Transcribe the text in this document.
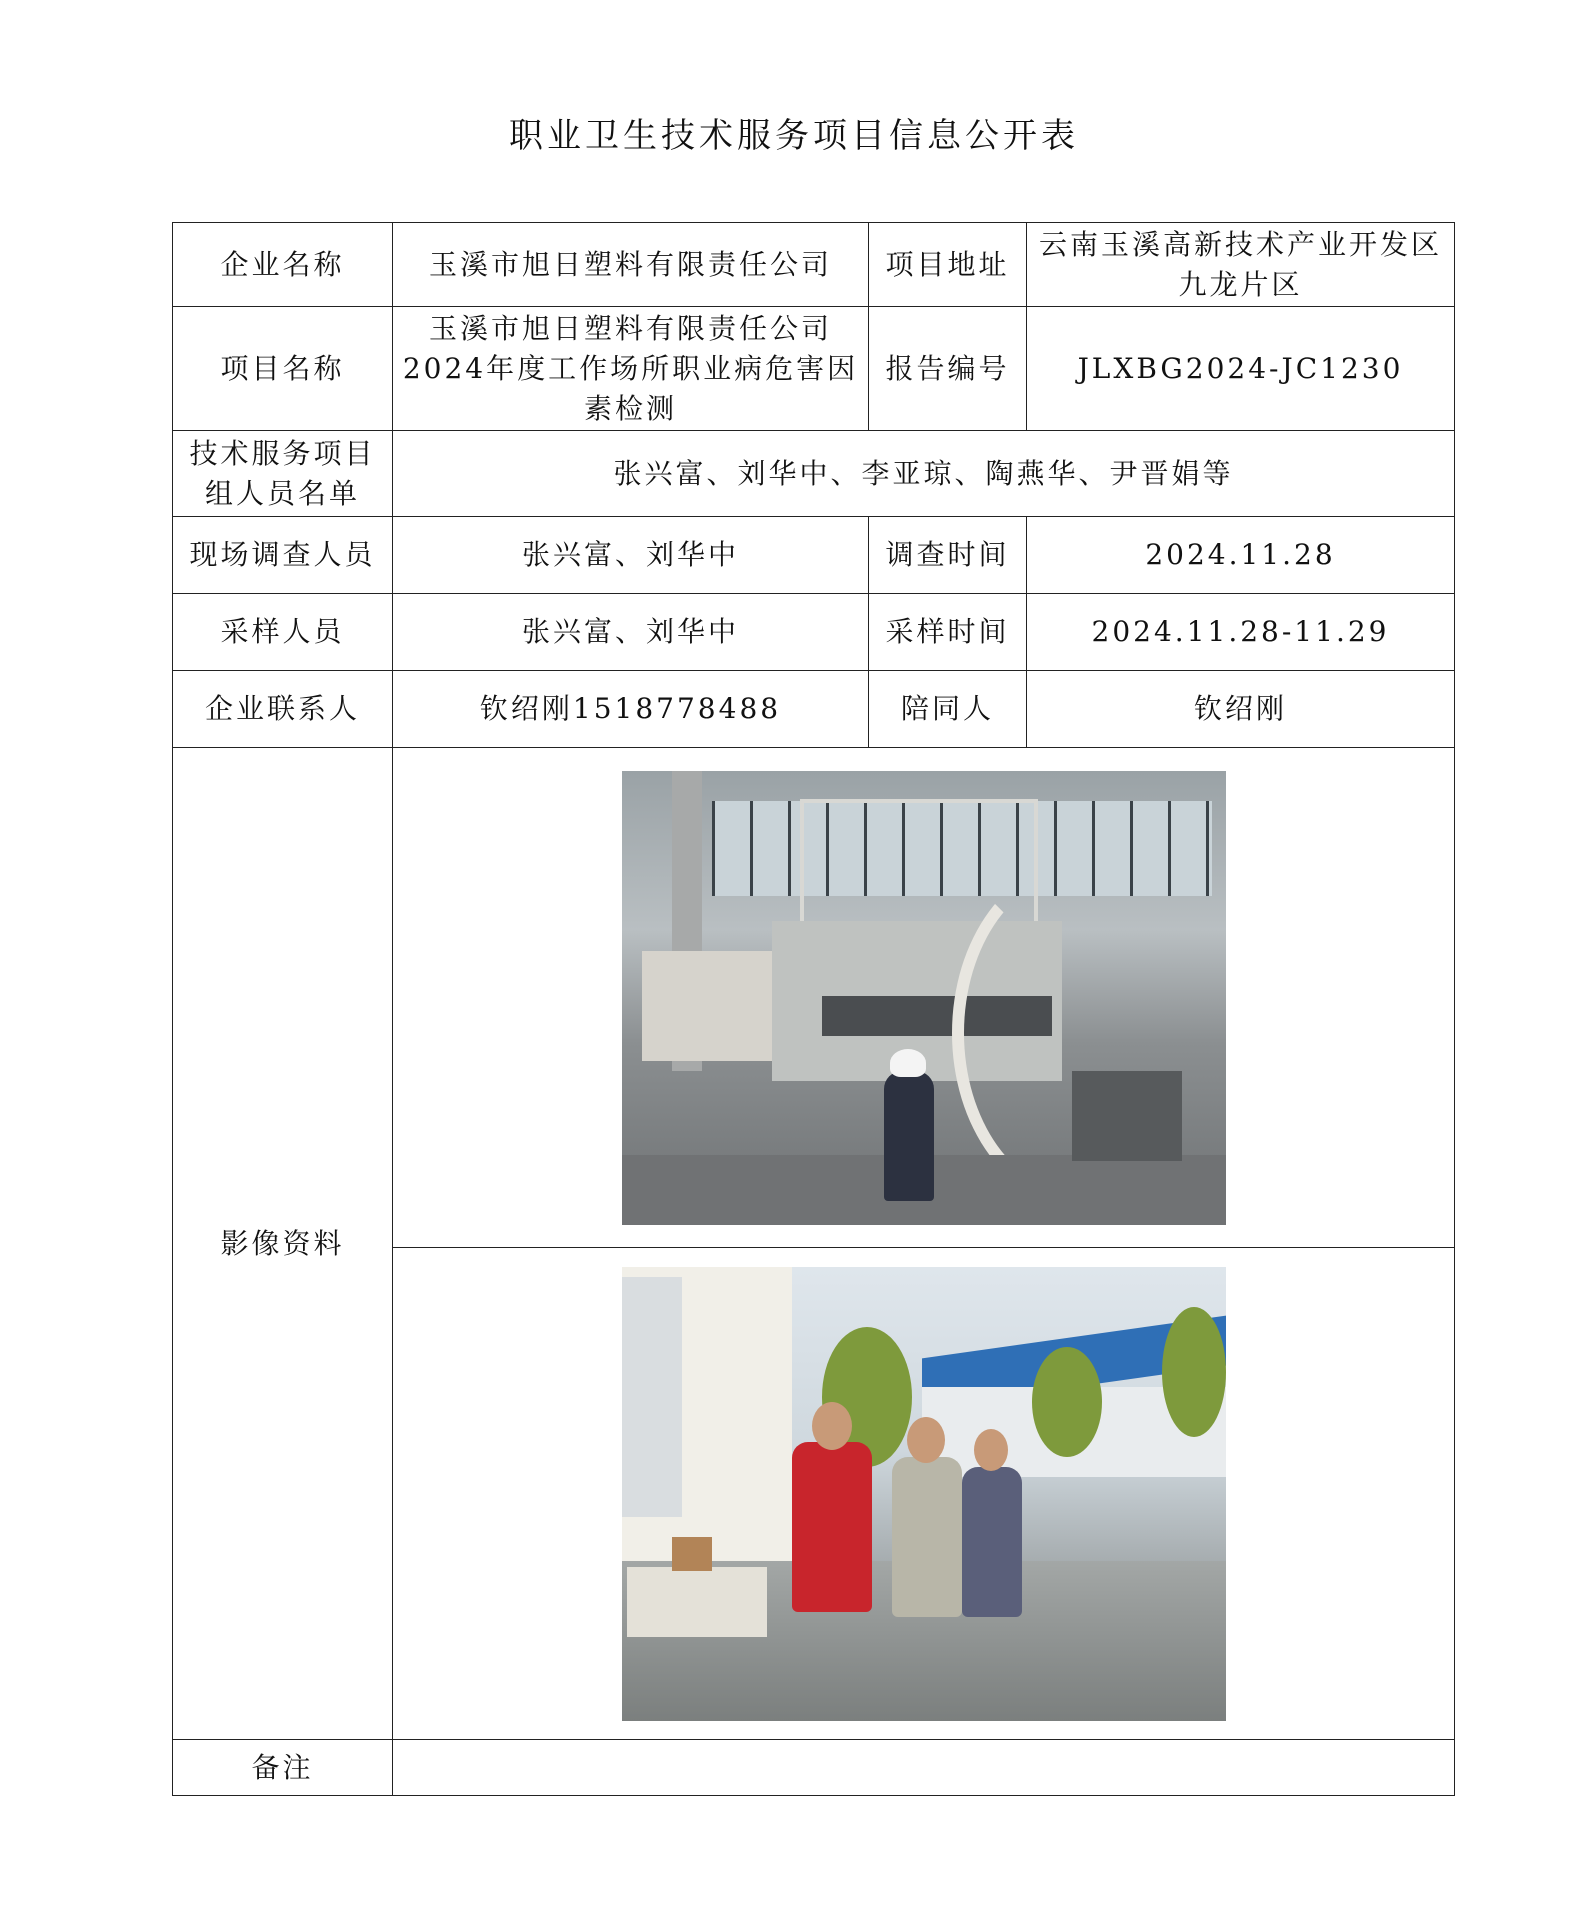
职业卫生技术服务项目信息公开表
企业名称	玉溪市旭日塑料有限责任公司	项目地址	云南玉溪高新技术产业开发区九龙片区
项目名称	玉溪市旭日塑料有限责任公司2024年度工作场所职业病危害因素检测	报告编号	JLXBG2024-JC1230
技术服务项目组人员名单	张兴富、刘华中、李亚琼、陶燕华、尹晋娟等		
现场调查人员	张兴富、刘华中	调查时间	2024.11.28
采样人员	张兴富、刘华中	采样时间	2024.11.28-11.29
企业联系人	钦绍刚1518778488	陪同人	钦绍刚
影像资料			

备注			
